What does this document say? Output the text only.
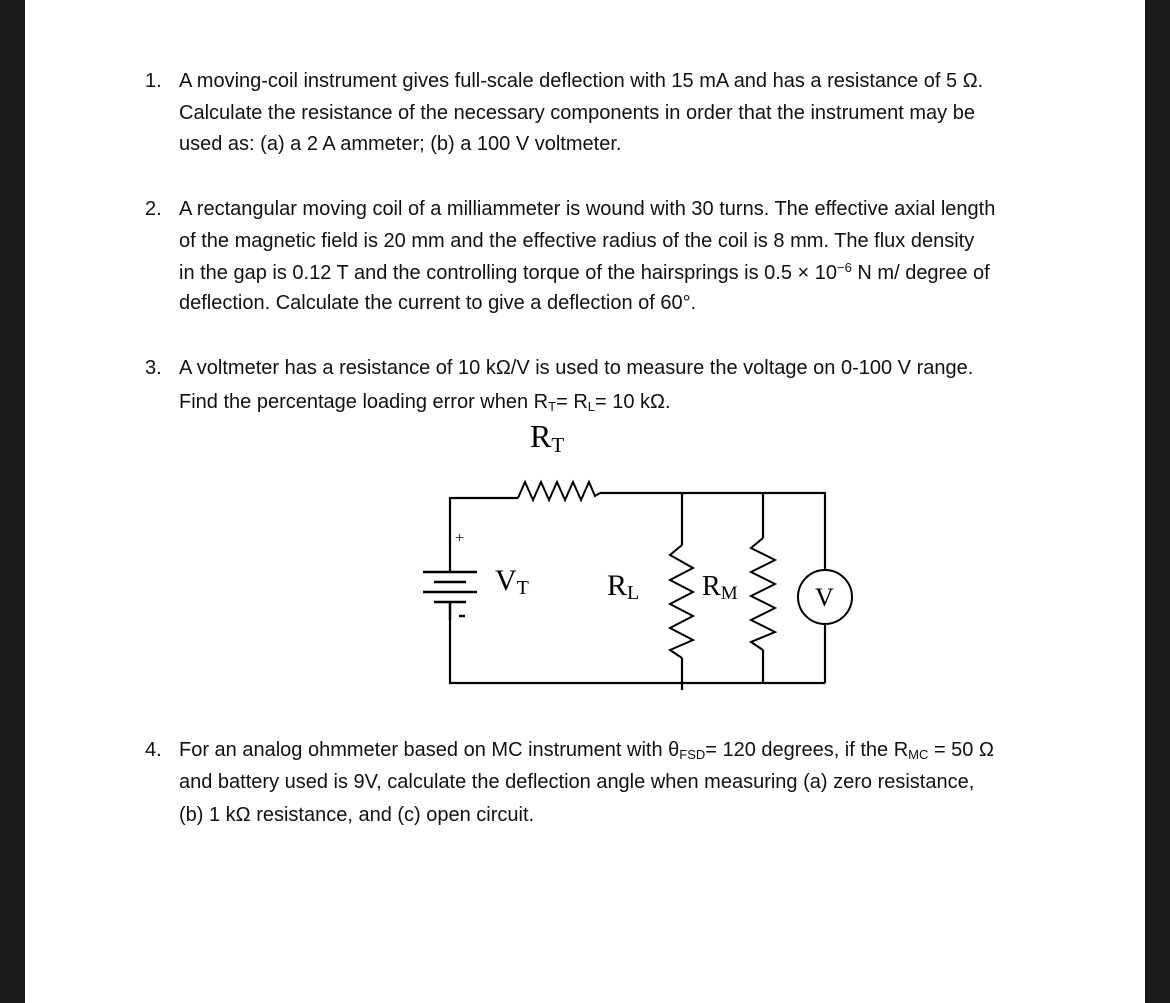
1. A moving-coil instrument gives full-scale deflection with 15 mA and has a resistance of 5 Ω.
Calculate the resistance of the necessary components in order that the instrument may be
used as: (a) a 2 A ammeter; (b) a 100 V voltmeter.
2. A rectangular moving coil of a milliammeter is wound with 30 turns. The effective axial length
of the magnetic field is 20 mm and the effective radius of the coil is 8 mm. The flux density
in the gap is 0.12 T and the controlling torque of the hairsprings is $0.5 \times 10^{-6}$ N m/ degree of
deflection. Calculate the current to give a deflection of 60°.
3. A voltmeter has a resistance of 10 kΩ/V is used to measure the voltage on 0-100 V range.
Find the percentage loading error when $R_T= R_L= 10$ kΩ.
RT
+
VT	RL RM	V
4. For an analog ohmmeter based on MC instrument with $\theta_{FSD}= 120$ degrees, if the $R_{MC} = 50$ Ω
and battery used is 9V, calculate the deflection angle when measuring (a) zero resistance,
(b) 1 kΩ resistance, and (c) open circuit.
